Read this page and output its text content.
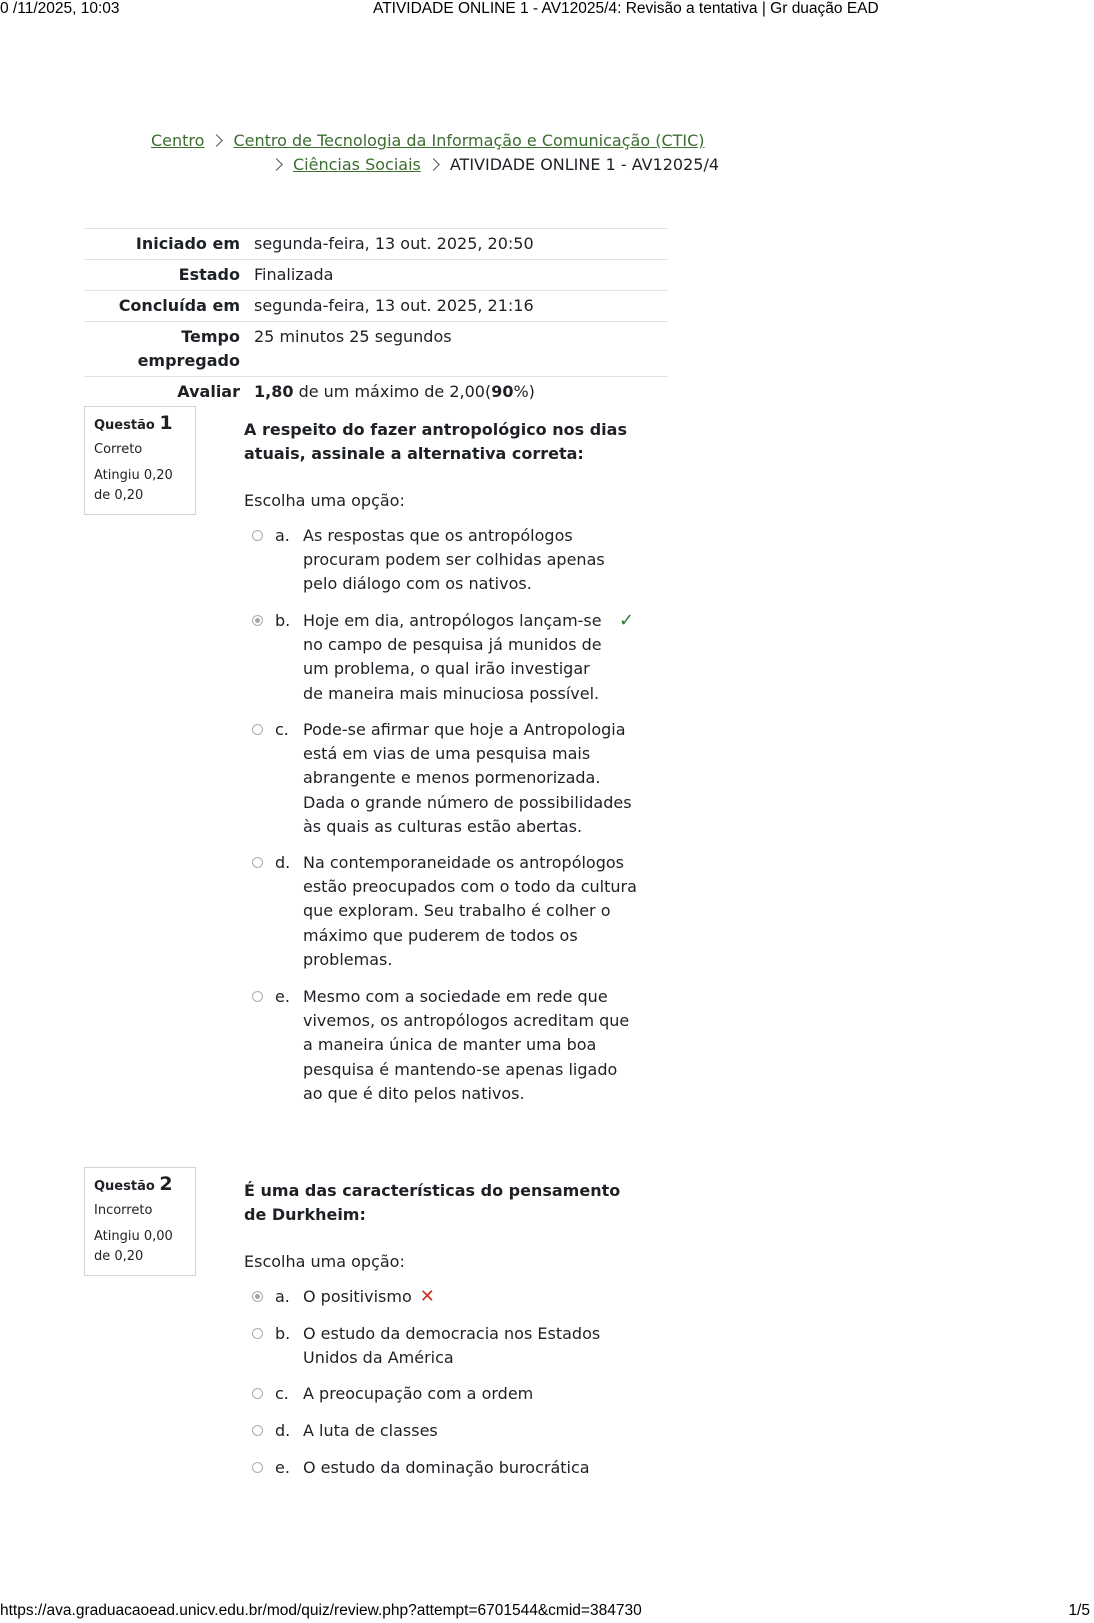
0 /11/2025, 10:03	ATIVIDADE ONLINE 1 - AV12025/4: Revisão a tentativa | Gr duação EAD
Centro Centro de Tecnologia da Informação e Comunicação (CTIC)
Ciências Sociais ATIVIDADE ONLINE 1 - AV12025/4
Iniciado em	segunda-feira, 13 out. 2025, 20:50
Estado	Finalizada
Concluída em	segunda-feira, 13 out. 2025, 21:16
Tempo empregado	25 minutos 25 segundos
Avaliar	1,80 de um máximo de 2,00(90%)
Questão 1
Correto
Atingiu 0,20 de 0,20
A respeito do fazer antropológico nos dias atuais, assinale a alternativa correta:
Escolha uma opção:
a. As respostas que os antropólogos procuram podem ser colhidas apenas pelo diálogo com os nativos.
b. Hoje em dia, antropólogos lançam-se no campo de pesquisa já munidos de um problema, o qual irão investigar de maneira mais minuciosa possível.
✓
c. Pode-se afirmar que hoje a Antropologia está em vias de uma pesquisa mais abrangente e menos pormenorizada. Dada o grande número de possibilidades às quais as culturas estão abertas.
d. Na contemporaneidade os antropólogos estão preocupados com o todo da cultura que exploram. Seu trabalho é colher o máximo que puderem de todos os problemas.
e. Mesmo com a sociedade em rede que vivemos, os antropólogos acreditam que a maneira única de manter uma boa pesquisa é mantendo-se apenas ligado ao que é dito pelos nativos.
Questão 2
Incorreto
Atingiu 0,00 de 0,20
É uma das características do pensamento de Durkheim:
Escolha uma opção:
a. O positivismo ✕
b. O estudo da democracia nos Estados Unidos da América
c. A preocupação com a ordem
d. A luta de classes
e. O estudo da dominação burocrática
https://ava.graduacaoead.unicv.edu.br/mod/quiz/review.php?attempt=6701544&cmid=384730	1/5
